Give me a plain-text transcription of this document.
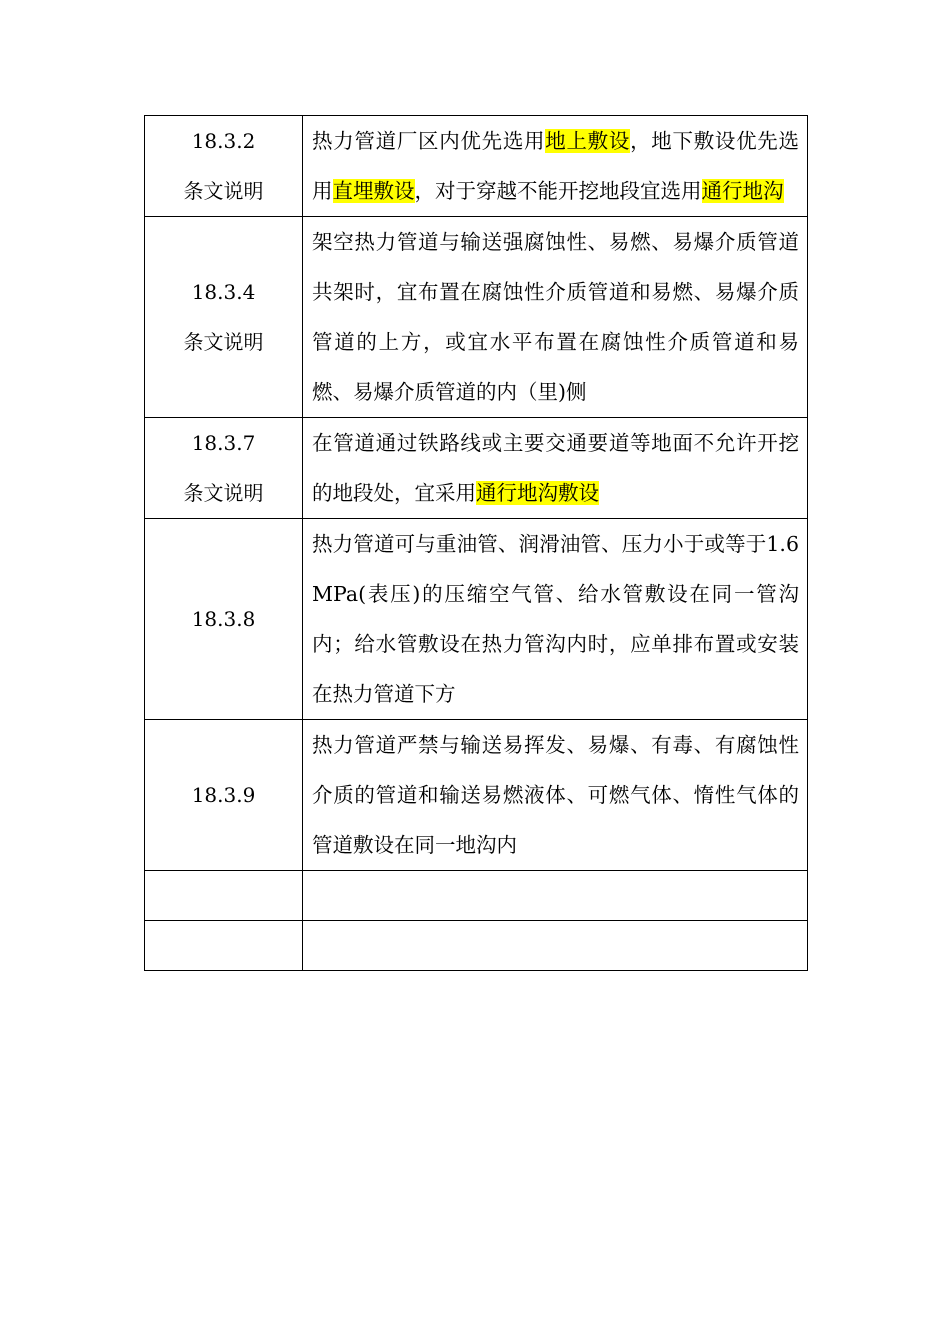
18.3.2
条文说明	热力管道厂区内优先选用地上敷设，地下敷设优先选用直埋敷设，对于穿越不能开挖地段宜选用通行地沟

18.3.4
条文说明	架空热力管道与输送强腐蚀性、易燃、易爆介质管道共架时，宜布置在腐蚀性介质管道和易燃、易爆介质管道的上方，或宜水平布置在腐蚀性介质管道和易燃、易爆介质管道的内（里)侧

18.3.7
条文说明	在管道通过铁路线或主要交通要道等地面不允许开挖的地段处，宜采用通行地沟敷设

18.3.8	热力管道可与重油管、润滑油管、压力小于或等于1.6MPa(表压)的压缩空气管、给水管敷设在同一管沟内；给水管敷设在热力管沟内时，应单排布置或安装在热力管道下方

18.3.9	热力管道严禁与输送易挥发、易爆、有毒、有腐蚀性介质的管道和输送易燃液体、可燃气体、惰性气体的管道敷设在同一地沟内
